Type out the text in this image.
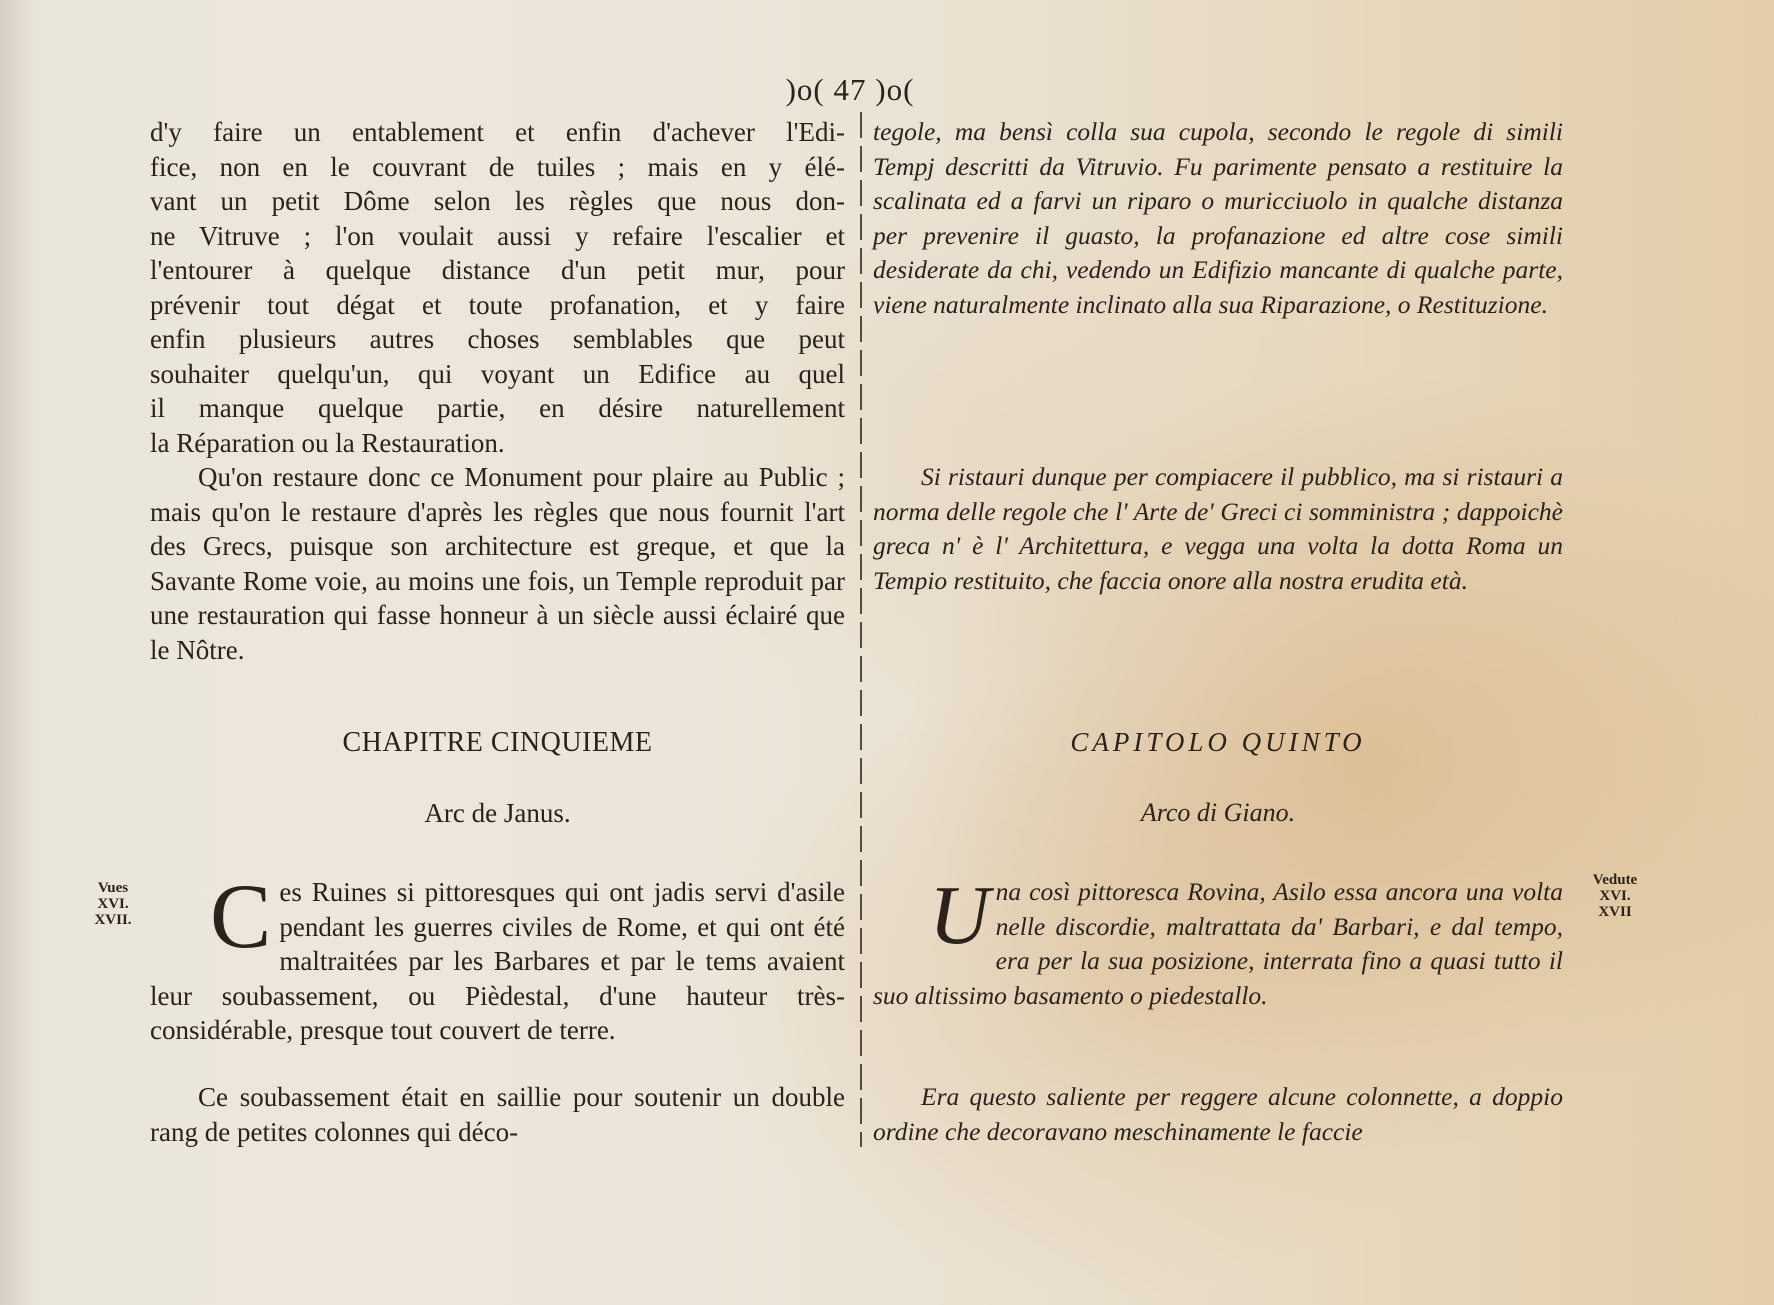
)o( 47 )o(

d'y faire un entablement et enfin d'achever l'Edi-

fice, non en le couvrant de tuiles ; mais en y élé-

vant un petit Dôme selon les règles que nous don-

ne Vitruve ; l'on voulait aussi y refaire l'escalier et

l'entourer à quelque distance d'un petit mur, pour

prévenir tout dégat et toute profanation, et y faire

enfin plusieurs autres choses semblables que peut

souhaiter quelqu'un, qui voyant un Edifice au quel

il manque quelque partie, en désire naturellement

la Réparation ou la Restauration.

Qu'on restaure donc ce Monument pour plaire au Public ; mais qu'on le restaure d'après les règles que nous fournit l'art des Grecs, puisque son architecture est greque, et que la Savante Rome voie, au moins une fois, un Temple reproduit par une restauration qui fasse honneur à un siècle aussi éclairé que le Nôtre.

CHAPITRE CINQUIEME

Arc de Janus.

C es Ruines si pittoresques qui ont jadis servi d'asile pendant les guerres civiles de Rome, et qui ont été maltraitées par les Barbares et par le tems avaient leur soubassement, ou Pièdestal, d'une hauteur très-considérable, presque tout couvert de terre.

Ce soubassement était en saillie pour soutenir un double rang de petites colonnes qui déco-

tegole, ma bensì colla sua cupola, secondo le regole di simili Tempj descritti da Vitruvio. Fu parimente pensato a restituire la scalinata ed a farvi un riparo o muricciuolo in qualche distanza per prevenire il guasto, la profanazione ed altre cose simili desiderate da chi, vedendo un Edifizio mancante di qualche parte, viene naturalmente inclinato alla sua Riparazione, o Restituzione.

Si ristauri dunque per compiacere il pubblico, ma si ristauri a norma delle regole che l' Arte de' Greci ci somministra ; dappoichè greca n' è l' Architettura, e vegga una volta la dotta Roma un Tempio restituito, che faccia onore alla nostra erudita età.

CAPITOLO QUINTO

Arco di Giano.

U na così pittoresca Rovina, Asilo essa ancora una volta nelle discordie, maltrattata da' Barbari, e dal tempo, era per la sua posizione, interrata fino a quasi tutto il suo altissimo basamento o piedestallo.

Era questo saliente per reggere alcune colonnette, a doppio ordine che decoravano meschinamente le faccie

Vues
XVI.
XVII.
Vedute
XVI.
XVII
